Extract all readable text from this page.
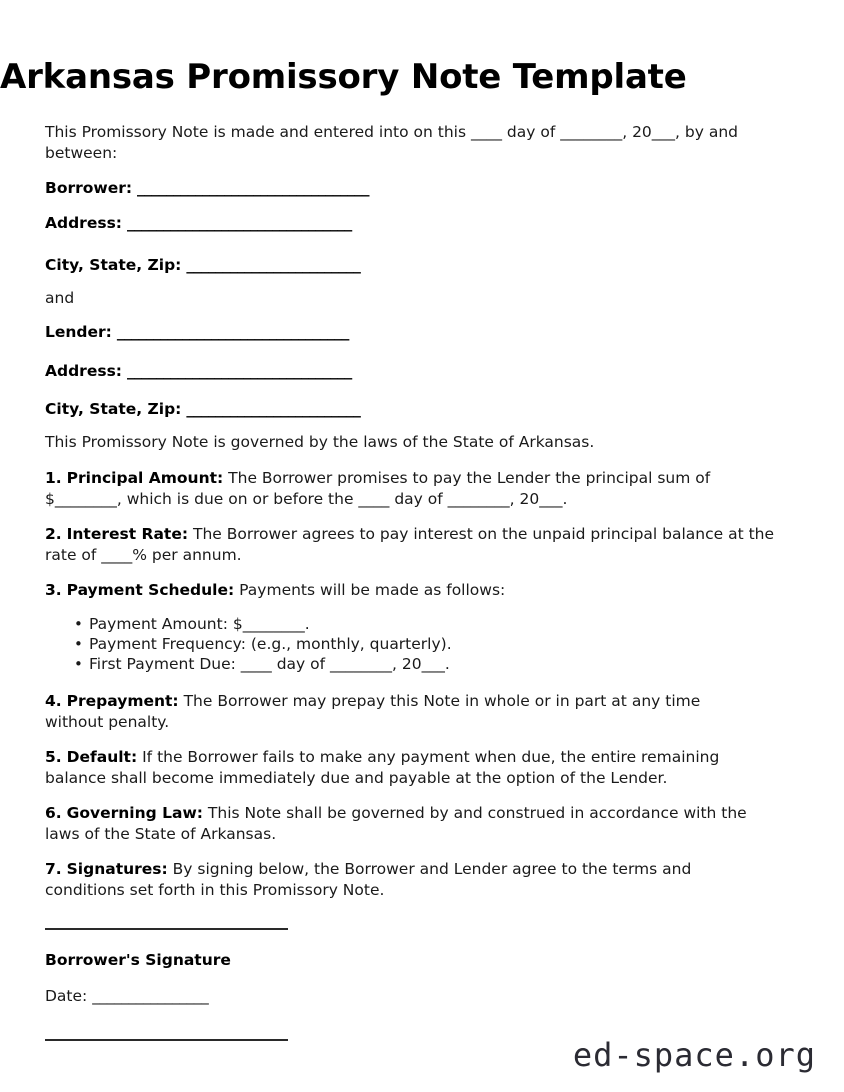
Arkansas Promissory Note Template

This Promissory Note is made and entered into on this ____ day of ________, 20___, by and between:

Borrower: ________________________________
Address: _______________________________
City, State, Zip: ________________________

and

Lender: ________________________________
Address: _______________________________
City, State, Zip: ________________________

This Promissory Note is governed by the laws of the State of Arkansas.

1. Principal Amount: The Borrower promises to pay the Lender the principal sum of $________, which is due on or before the ____ day of ________, 20___.

2. Interest Rate: The Borrower agrees to pay interest on the unpaid principal balance at the rate of ____% per annum.

3. Payment Schedule: Payments will be made as follows:

• Payment Amount: $________.
• Payment Frequency: (e.g., monthly, quarterly).
• First Payment Due: ____ day of ________, 20___.

4. Prepayment: The Borrower may prepay this Note in whole or in part at any time without penalty.

5. Default: If the Borrower fails to make any payment when due, the entire remaining balance shall become immediately due and payable at the option of the Lender.

6. Governing Law: This Note shall be governed by and construed in accordance with the laws of the State of Arkansas.

7. Signatures: By signing below, the Borrower and Lender agree to the terms and conditions set forth in this Promissory Note.

Borrower's Signature
Date: ________________
ed-space.org
